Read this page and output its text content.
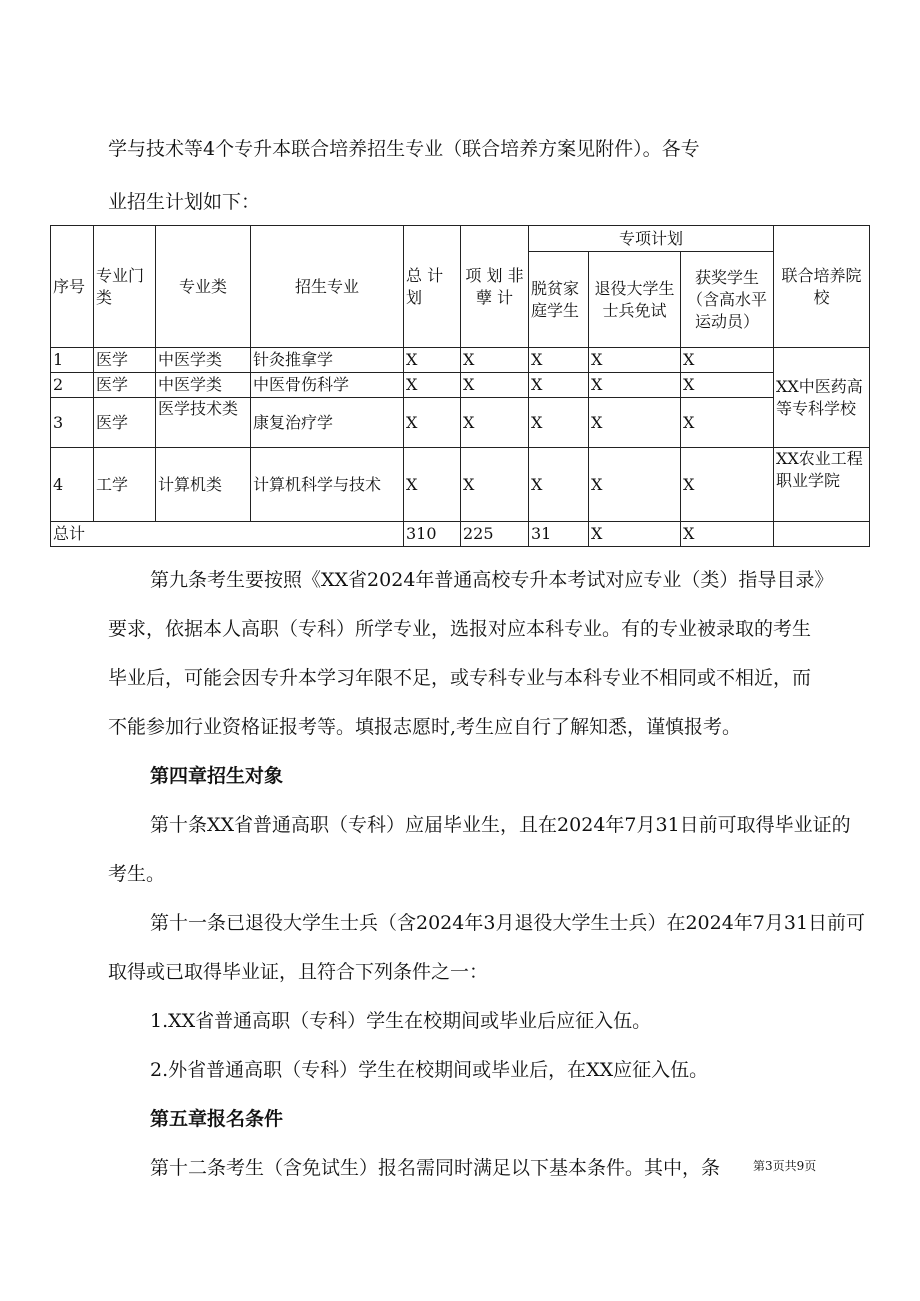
学与技术等4个专升本联合培养招生专业（联合培养方案见附件）。各专
业招生计划如下：
序号	专业门类	专业类	招生专业	总 计 划	项 划 非 孽 计	专项计划			联合培养院校
						脱贫家庭学生	退役大学生士兵免试	获奖学生（含高水平运动员）	
1	医学	中医学类	针灸推拿学	X	X	X	X	X	XX中医药高等专科学校
2	医学	中医学类	中医骨伤科学	X	X	X	X	X	
3	医学	医学技术类	康复治疗学	X	X	X	X	X	
4	工学	计算机类	计算机科学与技术	X	X	X	X	X	XX农业工程职业学院
总计				310	225	31	X	X	
第九条考生要按照《XX省2024年普通高校专升本考试对应专业（类）指导目录》
要求，依据本人高职（专科）所学专业，选报对应本科专业。有的专业被录取的考生
毕业后，可能会因专升本学习年限不足，或专科专业与本科专业不相同或不相近，而
不能参加行业资格证报考等。填报志愿时,考生应自行了解知悉，谨慎报考。
第四章招生对象
第十条XX省普通高职（专科）应届毕业生，且在2024年7月31日前可取得毕业证的
考生。
第十一条已退役大学生士兵（含2024年3月退役大学生士兵）在2024年7月31日前可
取得或已取得毕业证，且符合下列条件之一：
1.XX省普通高职（专科）学生在校期间或毕业后应征入伍。
2.外省普通高职（专科）学生在校期间或毕业后，在XX应征入伍。
第五章报名条件
第十二条考生（含免试生）报名需同时满足以下基本条件。其中，条	第3页共9页
